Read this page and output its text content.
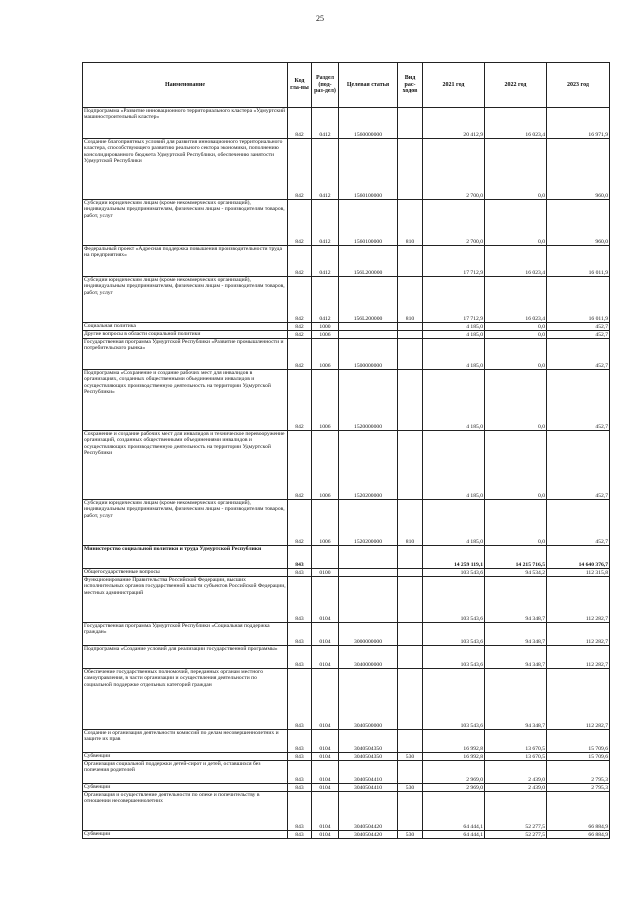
25
Наименование	Код гла-вы	Раздел (под-раз-дел)	Целевая статья	Вид рас-ходов	2021 год	2022 год	2023 год
Подпрограмма «Развитие инновационного территориального кластера «Удмуртский машиностроительный кластер»	842	0412	1560000000		20 412,9	16 023,4	16 971,9
Создание благоприятных условий для развития инновационного территориального кластера, способствующего развитию реального сектора экономики, пополнению консолидированного бюджета Удмуртской Республики, обеспечению занятости Удмуртской Республики	842	0412	1560100000		2 700,0	0,0	960,0
Субсидии юридическим лицам (кроме некоммерческих организаций), индивидуальным предпринимателям, физическим лицам - производителям товаров, работ, услуг	842	0412	1560100000	810	2 700,0	0,0	960,0
Федеральный проект «Адресная поддержка повышения производительности труда на предприятиях»	842	0412	156L200000		17 712,9	16 023,4	16 011,9
Субсидии юридическим лицам (кроме некоммерческих организаций), индивидуальным предпринимателям, физическим лицам - производителям товаров, работ, услуг	842	0412	156L200000	810	17 712,9	16 023,4	16 011,9
Социальная политика	842	1000			4 185,0	0,0	452,7
Другие вопросы в области социальной политики	842	1006			4 185,0	0,0	452,7
Государственная программа Удмуртской Республики «Развитие промышленности и потребительского рынка»	842	1006	1500000000		4 185,0	0,0	452,7
Подпрограмма «Сохранение и создание рабочих мест для инвалидов в организациях, созданных общественными объединениями инвалидов и осуществляющих производственную деятельность на территории Удмуртской Республики»	842	1006	1520000000		4 185,0	0,0	452,7
Сохранение и создание рабочих мест для инвалидов и техническое перевооружение организаций, созданных общественными объединениями инвалидов и осуществляющих производственную деятельность на территории Удмуртской Республики	842	1006	1520200000		4 185,0	0,0	452,7
Субсидии юридическим лицам (кроме некоммерческих организаций), индивидуальным предпринимателям, физическим лицам - производителям товаров, работ, услуг	842	1006	1520200000	810	4 185,0	0,0	452,7
Министерство социальной политики и труда Удмуртской Республики	843				14 259 119,1	14 215 716,5	14 640 376,7
Общегосударственные вопросы	843	0100			103 543,6	94 534,2	112 315,8
Функционирование Правительства Российской Федерации, высших исполнительных органов государственной власти субъектов Российской Федерации, местных администраций	843	0104			103 543,6	94 348,7	112 282,7
Государственная программа Удмуртской Республики «Социальная поддержка граждан»	843	0104	3000000000		103 543,6	94 348,7	112 282,7
Подпрограмма «Создание условий для реализации государственной программы»	843	0104	3040000000		103 543,6	94 348,7	112 282,7
Обеспечение государственных полномочий, переданных органам местного самоуправления, в части организации и осуществления деятельности по социальной поддержке отдельных категорий граждан	843	0104	3040500000		103 543,6	94 348,7	112 282,7
Создание и организация деятельности комиссий по делам несовершеннолетних и защите их прав	843	0104	3040504350		16 992,8	13 670,5	15 709,6
Субвенции	843	0104	3040504350	530	16 992,8	13 670,5	15 709,6
Организация социальной поддержки детей-сирот и детей, оставшихся без попечения родителей	843	0104	3040504410		2 969,0	2 439,0	2 795,3
Субвенции	843	0104	3040504410	530	2 969,0	2 439,0	2 795,3
Организация и осуществление деятельности по опеке и попечительству в отношении несовершеннолетних	843	0104	3040504420		64 444,1	52 277,5	66 884,9
Субвенции	843	0104	3040504420	530	64 444,1	52 277,5	66 884,9
